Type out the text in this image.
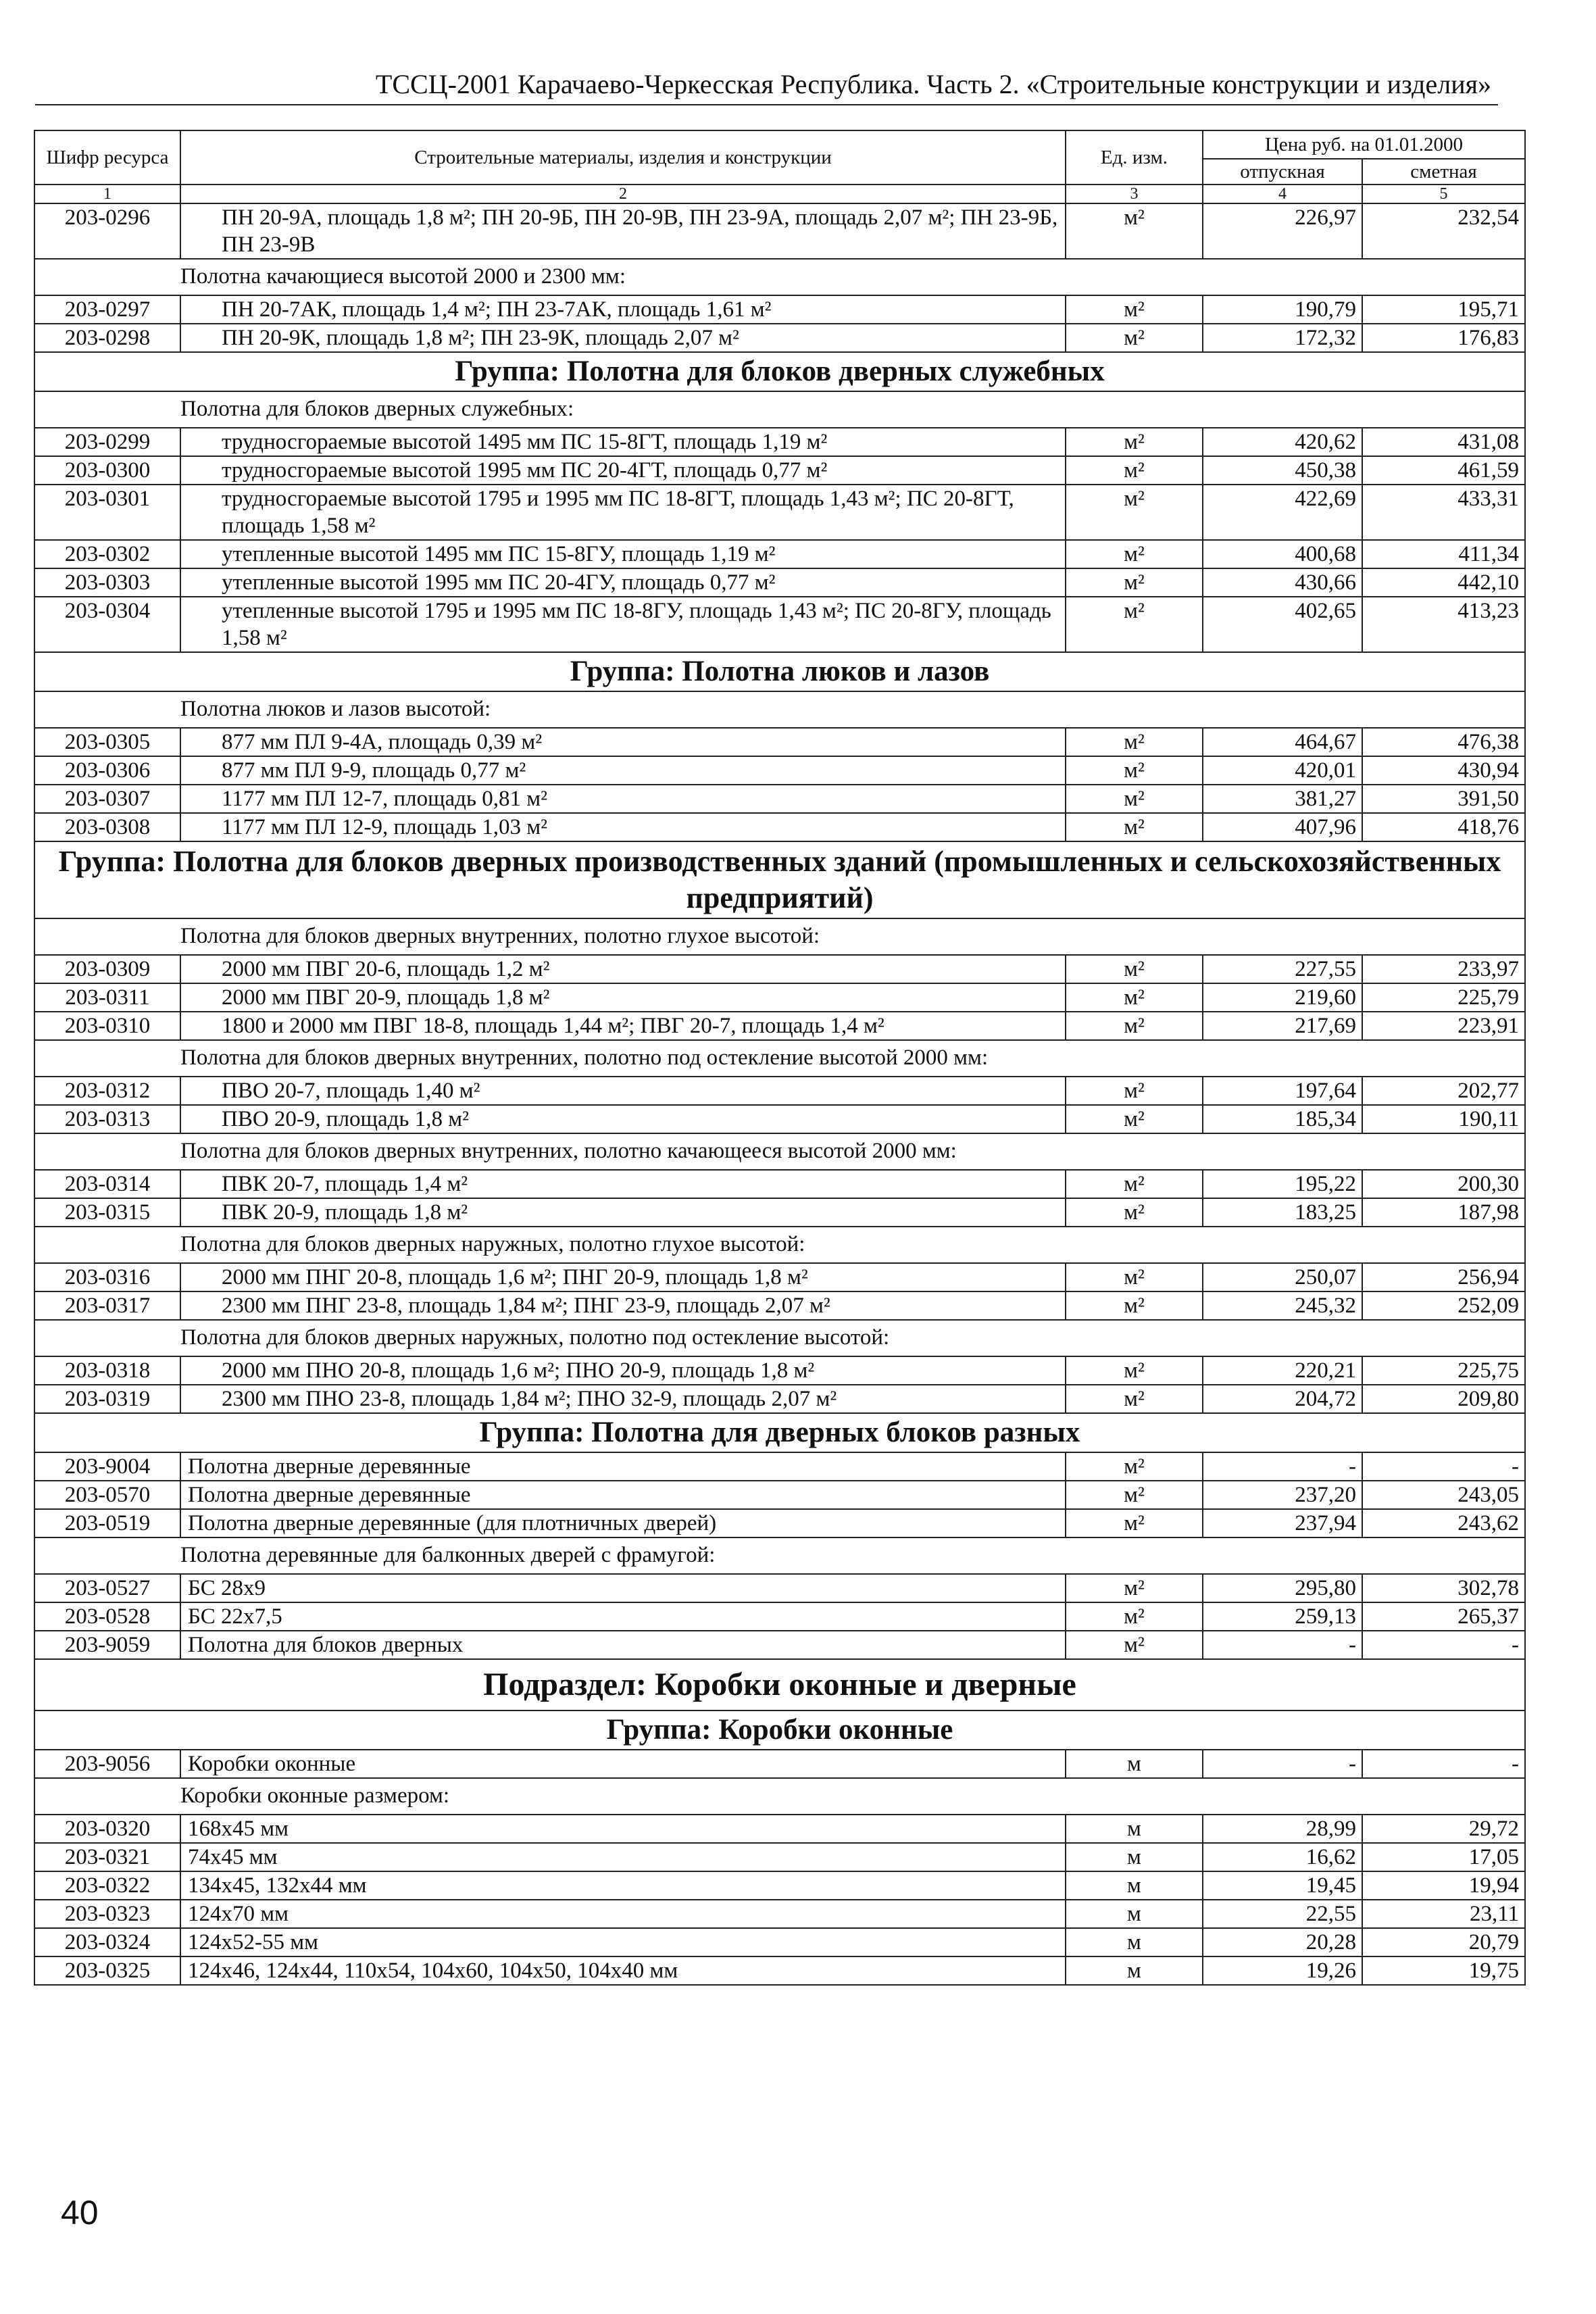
ТССЦ-2001 Карачаево-Черкесская Республика. Часть 2. «Строительные конструкции и изделия»
Шифр ресурса	Строительные материалы, изделия и конструкции	Ед. изм.	Цена руб. на 01.01.2000	
			отпускная	сметная
1	2	3	4	5
203-0296	ПН 20-9А, площадь 1,8 м²; ПН 20-9Б, ПН 20-9В, ПН 23-9А, площадь 2,07 м²; ПН 23-9Б, ПН 23-9В	м²	226,97	232,54
Полотна качающиеся высотой 2000 и 2300 мм:				
203-0297	ПН 20-7АК, площадь 1,4 м²; ПН 23-7АК, площадь 1,61 м²	м²	190,79	195,71
203-0298	ПН 20-9К, площадь 1,8 м²; ПН 23-9К, площадь 2,07 м²	м²	172,32	176,83
Группа: Полотна для блоков дверных служебных				
Полотна для блоков дверных служебных:				
203-0299	трудносгораемые высотой 1495 мм ПС 15-8ГТ, площадь 1,19 м²	м²	420,62	431,08
203-0300	трудносгораемые высотой 1995 мм ПС 20-4ГТ, площадь 0,77 м²	м²	450,38	461,59
203-0301	трудносгораемые высотой 1795 и 1995 мм ПС 18-8ГТ, площадь 1,43 м²; ПС 20-8ГТ, площадь 1,58 м²	м²	422,69	433,31
203-0302	утепленные высотой 1495 мм ПС 15-8ГУ, площадь 1,19 м²	м²	400,68	411,34
203-0303	утепленные высотой 1995 мм ПС 20-4ГУ, площадь 0,77 м²	м²	430,66	442,10
203-0304	утепленные высотой 1795 и 1995 мм ПС 18-8ГУ, площадь 1,43 м²; ПС 20-8ГУ, площадь 1,58 м²	м²	402,65	413,23
Группа: Полотна люков и лазов				
Полотна люков и лазов высотой:				
203-0305	877 мм ПЛ 9-4А, площадь 0,39 м²	м²	464,67	476,38
203-0306	877 мм ПЛ 9-9, площадь 0,77 м²	м²	420,01	430,94
203-0307	1177 мм ПЛ 12-7, площадь 0,81 м²	м²	381,27	391,50
203-0308	1177 мм ПЛ 12-9, площадь 1,03 м²	м²	407,96	418,76
Группа: Полотна для блоков дверных производственных зданий (промышленных и сельскохозяйственных предприятий)				
Полотна для блоков дверных внутренних, полотно глухое высотой:				
203-0309	2000 мм ПВГ 20-6, площадь 1,2 м²	м²	227,55	233,97
203-0311	2000 мм ПВГ 20-9, площадь 1,8 м²	м²	219,60	225,79
203-0310	1800 и 2000 мм ПВГ 18-8, площадь 1,44 м²; ПВГ 20-7, площадь 1,4 м²	м²	217,69	223,91
Полотна для блоков дверных внутренних, полотно под остекление высотой 2000 мм:				
203-0312	ПВО 20-7, площадь 1,40 м²	м²	197,64	202,77
203-0313	ПВО 20-9, площадь 1,8 м²	м²	185,34	190,11
Полотна для блоков дверных внутренних, полотно качающееся высотой 2000 мм:				
203-0314	ПВК 20-7, площадь 1,4 м²	м²	195,22	200,30
203-0315	ПВК 20-9, площадь 1,8 м²	м²	183,25	187,98
Полотна для блоков дверных наружных, полотно глухое высотой:				
203-0316	2000 мм ПНГ 20-8, площадь 1,6 м²; ПНГ 20-9, площадь 1,8 м²	м²	250,07	256,94
203-0317	2300 мм ПНГ 23-8, площадь 1,84 м²; ПНГ 23-9, площадь 2,07 м²	м²	245,32	252,09
Полотна для блоков дверных наружных, полотно под остекление высотой:				
203-0318	2000 мм ПНО 20-8, площадь 1,6 м²; ПНО 20-9, площадь 1,8 м²	м²	220,21	225,75
203-0319	2300 мм ПНО 23-8, площадь 1,84 м²; ПНО 32-9, площадь 2,07 м²	м²	204,72	209,80
Группа: Полотна для дверных блоков разных				
203-9004	Полотна дверные деревянные	м²	-	-
203-0570	Полотна дверные деревянные	м²	237,20	243,05
203-0519	Полотна дверные деревянные (для плотничных дверей)	м²	237,94	243,62
Полотна деревянные для балконных дверей с фрамугой:				
203-0527	БС 28х9	м²	295,80	302,78
203-0528	БС 22х7,5	м²	259,13	265,37
203-9059	Полотна для блоков дверных	м²	-	-
Подраздел: Коробки оконные и дверные				
Группа: Коробки оконные				
203-9056	Коробки оконные	м	-	-
Коробки оконные размером:				
203-0320	168х45 мм	м	28,99	29,72
203-0321	74х45 мм	м	16,62	17,05
203-0322	134х45, 132х44 мм	м	19,45	19,94
203-0323	124х70 мм	м	22,55	23,11
203-0324	124х52-55 мм	м	20,28	20,79
203-0325	124х46, 124х44, 110х54, 104х60, 104х50, 104х40 мм	м	19,26	19,75
40
